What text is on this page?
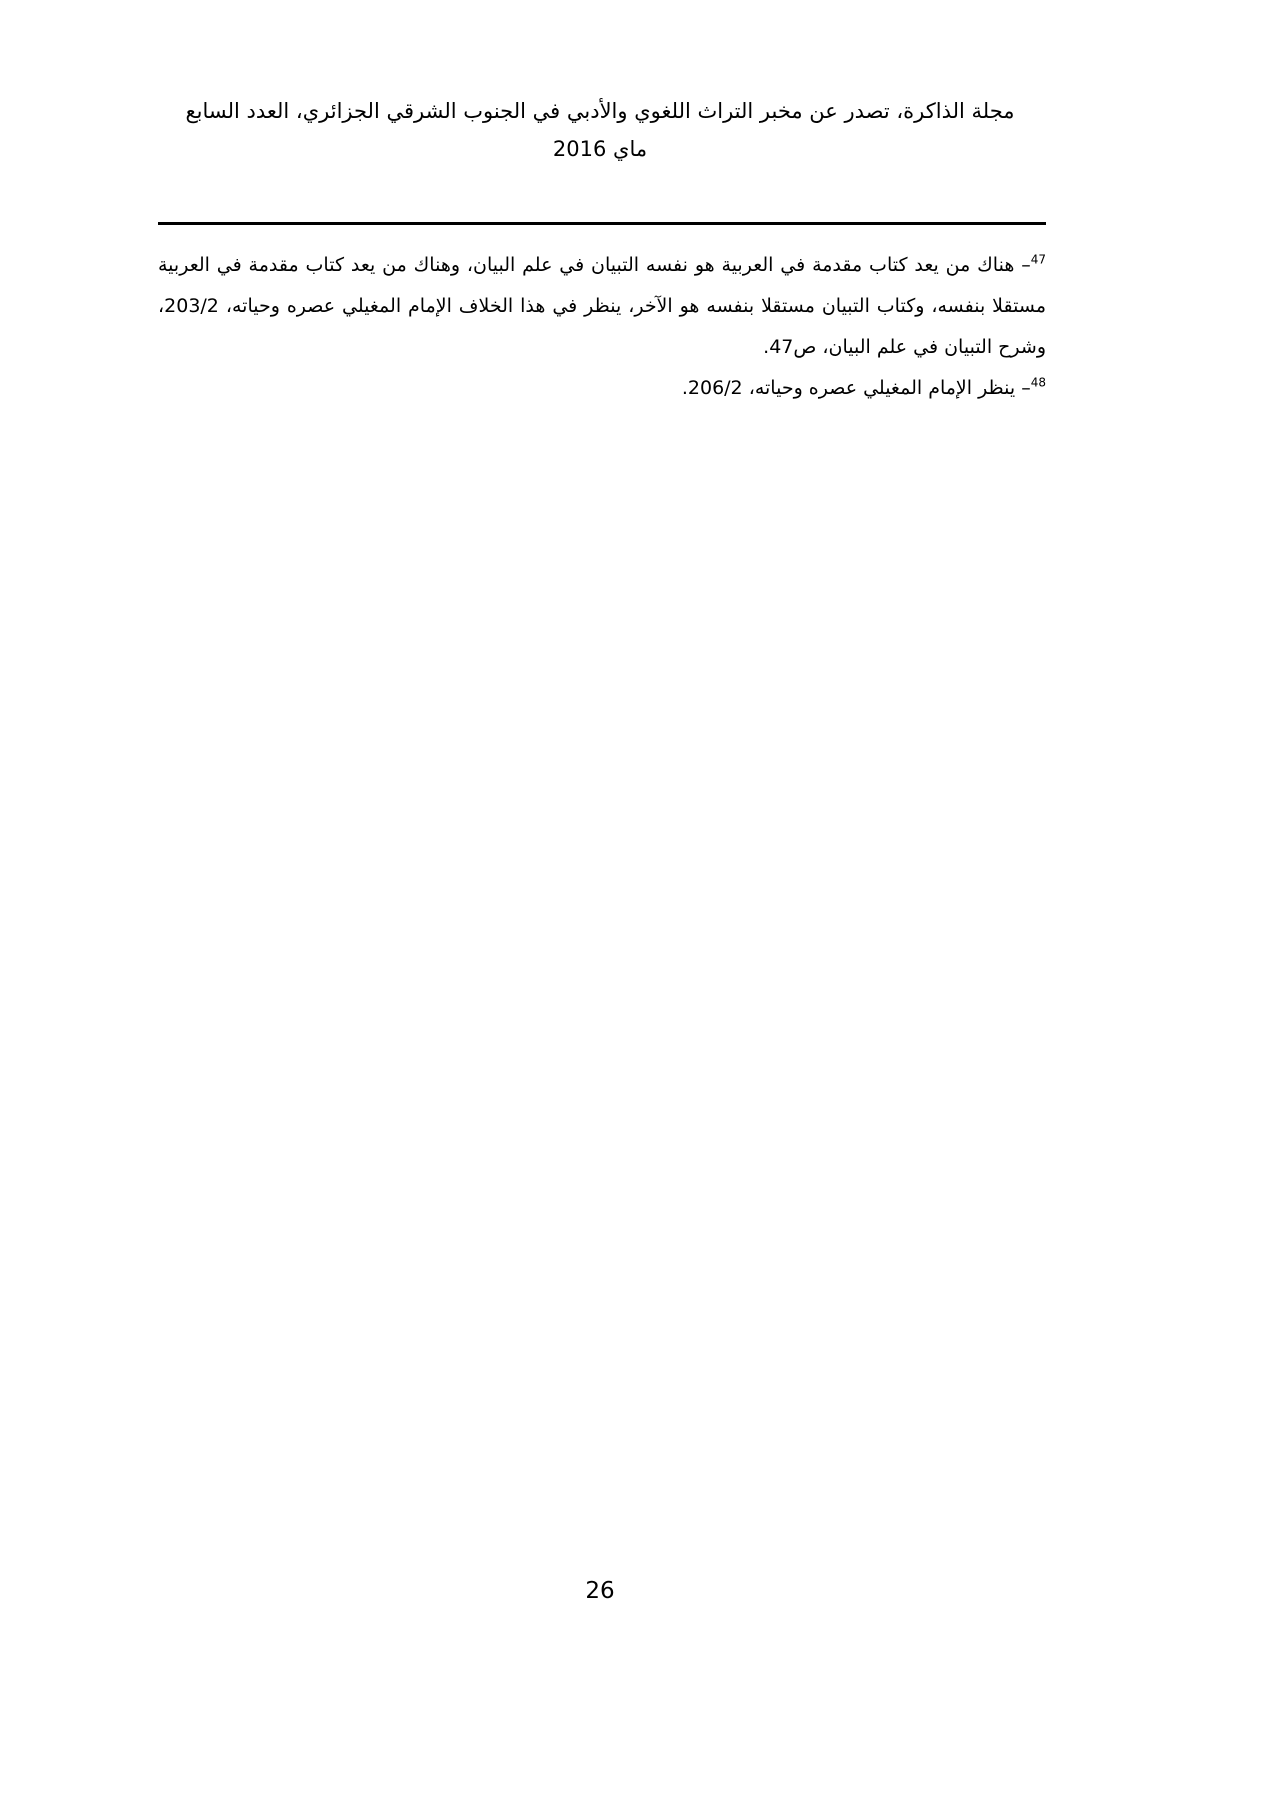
مجلة الذاكرة، تصدر عن مخبر التراث اللغوي والأدبي في الجنوب الشرقي الجزائري، العدد السابع
ماي 2016

$^{47}$– هناك من يعد كتاب مقدمة في العربية هو نفسه التبيان في علم البيان، وهناك من يعد كتاب مقدمة في العربية مستقلا بنفسه، وكتاب التبيان مستقلا بنفسه هو الآخر، ينظر في هذا الخلاف الإمام المغيلي عصره وحياته، 203/2، وشرح التبيان في علم البيان، ص47.

$^{48}$– ينظر الإمام المغيلي عصره وحياته، 206/2.

26
